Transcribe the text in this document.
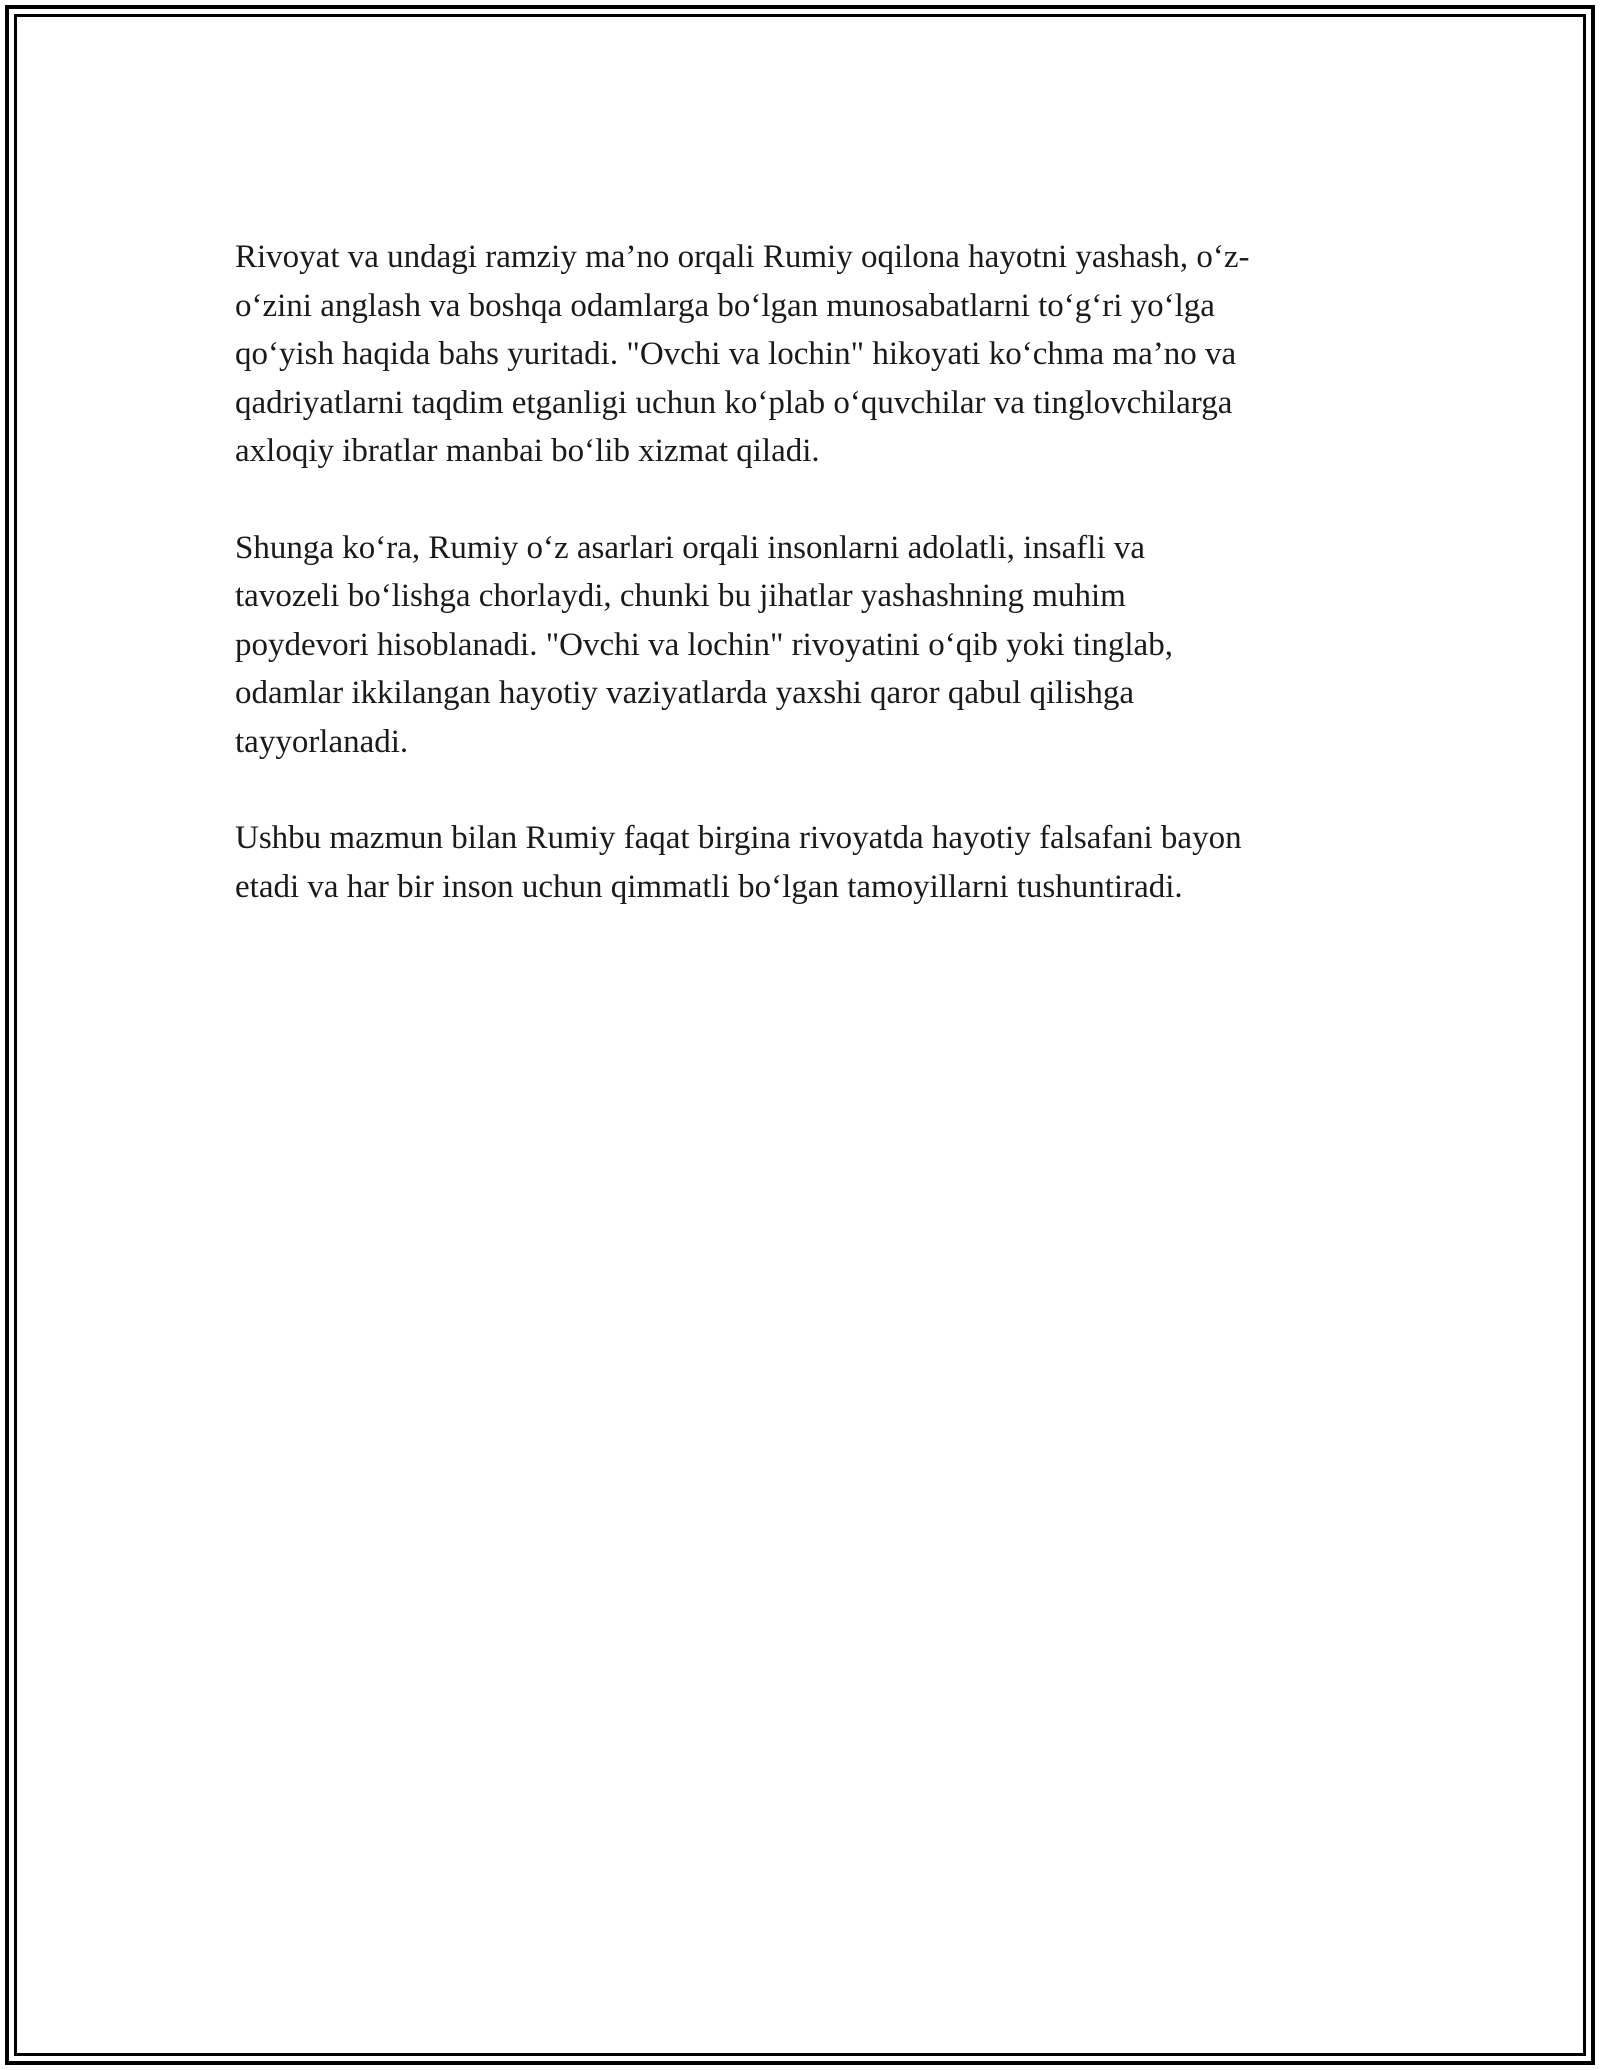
Rivoyat va undagi ramziy ma’no orqali Rumiy oqilona hayotni yashash, o‘z-
o‘zini anglash va boshqa odamlarga bo‘lgan munosabatlarni to‘g‘ri yo‘lga
qo‘yish haqida bahs yuritadi. "Ovchi va lochin" hikoyati ko‘chma ma’no va
qadriyatlarni taqdim etganligi uchun ko‘plab o‘quvchilar va tinglovchilarga
axloqiy ibratlar manbai bo‘lib xizmat qiladi.

Shunga ko‘ra, Rumiy o‘z asarlari orqali insonlarni adolatli, insafli va
tavozeli bo‘lishga chorlaydi, chunki bu jihatlar yashashning muhim
poydevori hisoblanadi. "Ovchi va lochin" rivoyatini o‘qib yoki tinglab,
odamlar ikkilangan hayotiy vaziyatlarda yaxshi qaror qabul qilishga
tayyorlanadi.

Ushbu mazmun bilan Rumiy faqat birgina rivoyatda hayotiy falsafani bayon
etadi va har bir inson uchun qimmatli bo‘lgan tamoyillarni tushuntiradi.
